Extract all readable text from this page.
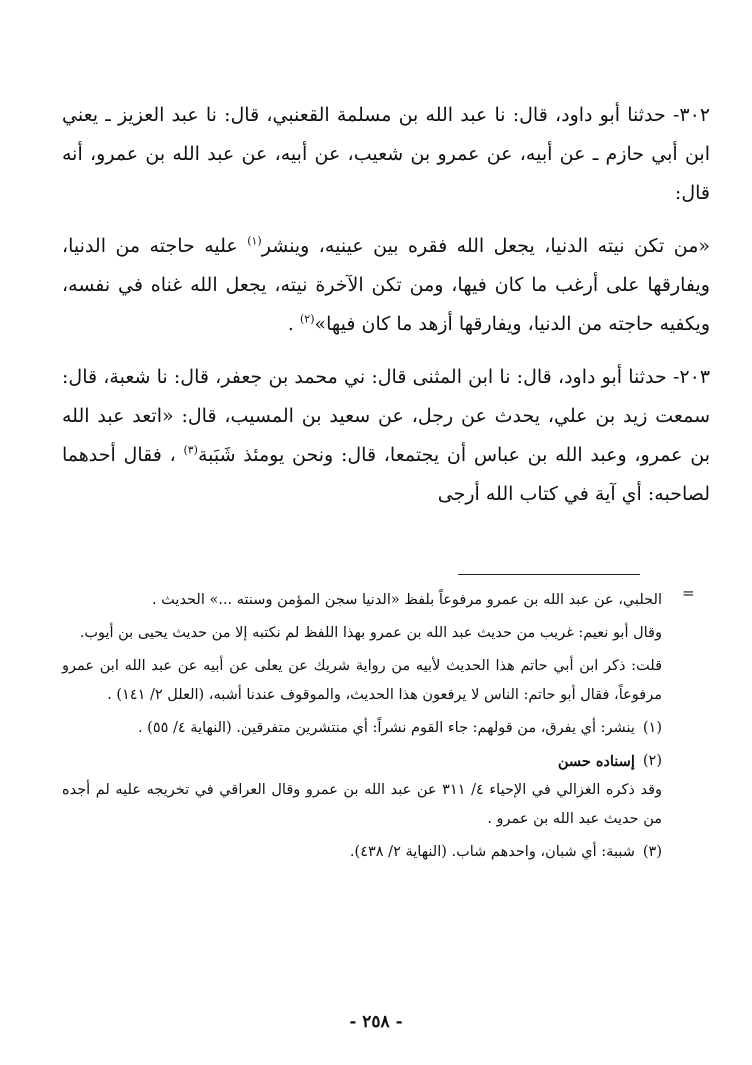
٣٠٢- حدثنا أبو داود، قال: نا عبد الله بن مسلمة القعنبي، قال: نا عبد العزيز ـ يعني ابن أبي حازم ـ عن أبيه، عن عمرو بن شعيب، عن أبيه، عن عبد الله بن عمرو، أنه قال:

«من تكن نيته الدنيا، يجعل الله فقره بين عينيه، وينشر$^{(١)}$ عليه حاجته من الدنيا، ويفارقها على أرغب ما كان فيها، ومن تكن الآخرة نيته، يجعل الله غناه في نفسه، ويكفيه حاجته من الدنيا، ويفارقها أزهد ما كان فيها»$^{(٢)}$ .

٢٠٣- حدثنا أبو داود، قال: نا ابن المثنى قال: ني محمد بن جعفر، قال: نا شعبة، قال: سمعت زيد بن علي، يحدث عن رجل، عن سعيد بن المسيب، قال: «اتعد عبد الله بن عمرو، وعبد الله بن عباس أن يجتمعا، قال: ونحن يومئذ شَبَبة$^{(٣)}$ ، فقال أحدهما لصاحبه: أي آية في كتاب الله أرجى

=

الحلبي، عن عبد الله بن عمرو مرفوعاً بلفظ «الدنيا سجن المؤمن وسنته ...» الحديث .

وقال أبو نعيم: غريب من حديث عبد الله بن عمرو بهذا اللفظ لم نكتبه إلا من حديث يحيى بن أيوب.

قلت: ذكر ابن أبي حاتم هذا الحديث لأبيه من رواية شريك عن يعلى عن أبيه عن عبد الله ابن عمرو مرفوعاً، فقال أبو حاتم: الناس لا يرفعون هذا الحديث، والموقوف عندنا أشبه، (العلل ٢/ ١٤١) .

(١)
ينشر: أي يفرق، من قولهم: جاء القوم نشراً: أي منتشرين متفرقين. (النهاية ٤/ ٥٥) .
(٢)
إسناده حسن

وقد ذكره الغزالي في الإحياء ٤/ ٣١١ عن عبد الله بن عمرو وقال العراقي في تخريجه عليه لم أجده من حديث عبد الله بن عمرو .

(٣)
شببة: أي شبان، واحدهم شاب. (النهاية ٢/ ٤٣٨).
- ٢٥٨ -
